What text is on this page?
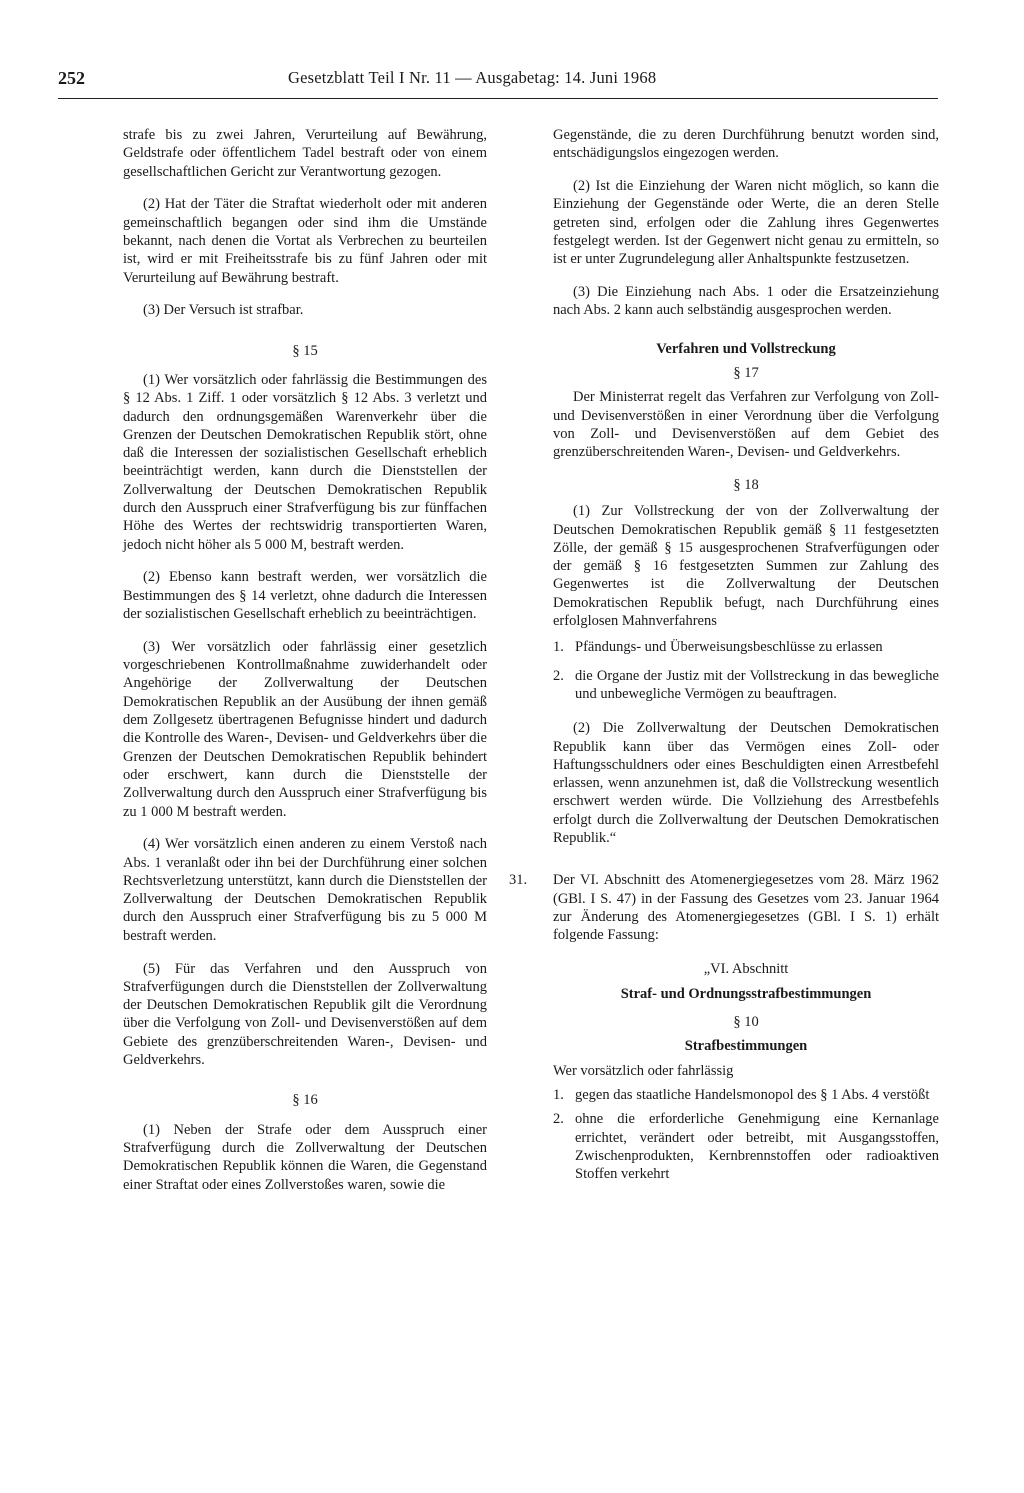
252	Gesetzblatt Teil I Nr. 11 — Ausgabetag: 14. Juni 1968

strafe bis zu zwei Jahren, Verurteilung auf Bewährung, Geldstrafe oder öffentlichem Tadel bestraft oder von einem gesellschaftlichen Gericht zur Verantwortung gezogen.

(2) Hat der Täter die Straftat wiederholt oder mit anderen gemeinschaftlich begangen oder sind ihm die Umstände bekannt, nach denen die Vortat als Verbrechen zu beurteilen ist, wird er mit Freiheitsstrafe bis zu fünf Jahren oder mit Verurteilung auf Bewährung bestraft.

(3) Der Versuch ist strafbar.

§ 15

(1) Wer vorsätzlich oder fahrlässig die Bestimmungen des § 12 Abs. 1 Ziff. 1 oder vorsätzlich § 12 Abs. 3 verletzt und dadurch den ordnungsgemäßen Warenverkehr über die Grenzen der Deutschen Demokratischen Republik stört, ohne daß die Interessen der sozialistischen Gesellschaft erheblich beeinträchtigt werden, kann durch die Dienststellen der Zollverwaltung der Deutschen Demokratischen Republik durch den Ausspruch einer Strafverfügung bis zur fünffachen Höhe des Wertes der rechtswidrig transportierten Waren, jedoch nicht höher als 5 000 M, bestraft werden.

(2) Ebenso kann bestraft werden, wer vorsätzlich die Bestimmungen des § 14 verletzt, ohne dadurch die Interessen der sozialistischen Gesellschaft erheblich zu beeinträchtigen.

(3) Wer vorsätzlich oder fahrlässig einer gesetzlich vorgeschriebenen Kontrollmaßnahme zuwiderhandelt oder Angehörige der Zollverwaltung der Deutschen Demokratischen Republik an der Ausübung der ihnen gemäß dem Zollgesetz übertragenen Befugnisse hindert und dadurch die Kontrolle des Waren-, Devisen- und Geldverkehrs über die Grenzen der Deutschen Demokratischen Republik behindert oder erschwert, kann durch die Dienststelle der Zollverwaltung durch den Ausspruch einer Strafverfügung bis zu 1 000 M bestraft werden.

(4) Wer vorsätzlich einen anderen zu einem Verstoß nach Abs. 1 veranlaßt oder ihn bei der Durchführung einer solchen Rechtsverletzung unterstützt, kann durch die Dienststellen der Zollverwaltung der Deutschen Demokratischen Republik durch den Ausspruch einer Strafverfügung bis zu 5 000 M bestraft werden.

(5) Für das Verfahren und den Ausspruch von Strafverfügungen durch die Dienststellen der Zollverwaltung der Deutschen Demokratischen Republik gilt die Verordnung über die Verfolgung von Zoll- und Devisenverstößen auf dem Gebiete des grenzüberschreitenden Waren-, Devisen- und Geldverkehrs.

§ 16

(1) Neben der Strafe oder dem Ausspruch einer Strafverfügung durch die Zollverwaltung der Deutschen Demokratischen Republik können die Waren, die Gegenstand einer Straftat oder eines Zollverstoßes waren, sowie die

Gegenstände, die zu deren Durchführung benutzt worden sind, entschädigungslos eingezogen werden.

(2) Ist die Einziehung der Waren nicht möglich, so kann die Einziehung der Gegenstände oder Werte, die an deren Stelle getreten sind, erfolgen oder die Zahlung ihres Gegenwertes festgelegt werden. Ist der Gegenwert nicht genau zu ermitteln, so ist er unter Zugrundelegung aller Anhaltspunkte festzusetzen.

(3) Die Einziehung nach Abs. 1 oder die Ersatzeinziehung nach Abs. 2 kann auch selbständig ausgesprochen werden.

Verfahren und Vollstreckung

§ 17

Der Ministerrat regelt das Verfahren zur Verfolgung von Zoll- und Devisenverstößen in einer Verordnung über die Verfolgung von Zoll- und Devisenverstößen auf dem Gebiet des grenzüberschreitenden Waren-, Devisen- und Geldverkehrs.

§ 18

(1) Zur Vollstreckung der von der Zollverwaltung der Deutschen Demokratischen Republik gemäß § 11 festgesetzten Zölle, der gemäß § 15 ausgesprochenen Strafverfügungen oder der gemäß § 16 festgesetzten Summen zur Zahlung des Gegenwertes ist die Zollverwaltung der Deutschen Demokratischen Republik befugt, nach Durchführung eines erfolglosen Mahnverfahrens

1. Pfändungs- und Überweisungsbeschlüsse zu erlassen
2. die Organe der Justiz mit der Vollstreckung in das bewegliche und unbewegliche Vermögen zu beauftragen.

(2) Die Zollverwaltung der Deutschen Demokratischen Republik kann über das Vermögen eines Zoll- oder Haftungsschuldners oder eines Beschuldigten einen Arrestbefehl erlassen, wenn anzunehmen ist, daß die Vollstreckung wesentlich erschwert werden würde. Die Vollziehung des Arrestbefehls erfolgt durch die Zollverwaltung der Deutschen Demokratischen Republik.“

31. Der VI. Abschnitt des Atomenergiegesetzes vom 28. März 1962 (GBl. I S. 47) in der Fassung des Gesetzes vom 23. Januar 1964 zur Änderung des Atomenergiegesetzes (GBl. I S. 1) erhält folgende Fassung:

„VI. Abschnitt

Straf- und Ordnungsstrafbestimmungen

§ 10

Strafbestimmungen

Wer vorsätzlich oder fahrlässig

1. gegen das staatliche Handelsmonopol des § 1 Abs. 4 verstößt
2. ohne die erforderliche Genehmigung eine Kernanlage errichtet, verändert oder betreibt, mit Ausgangsstoffen, Zwischenprodukten, Kernbrennstoffen oder radioaktiven Stoffen verkehrt
